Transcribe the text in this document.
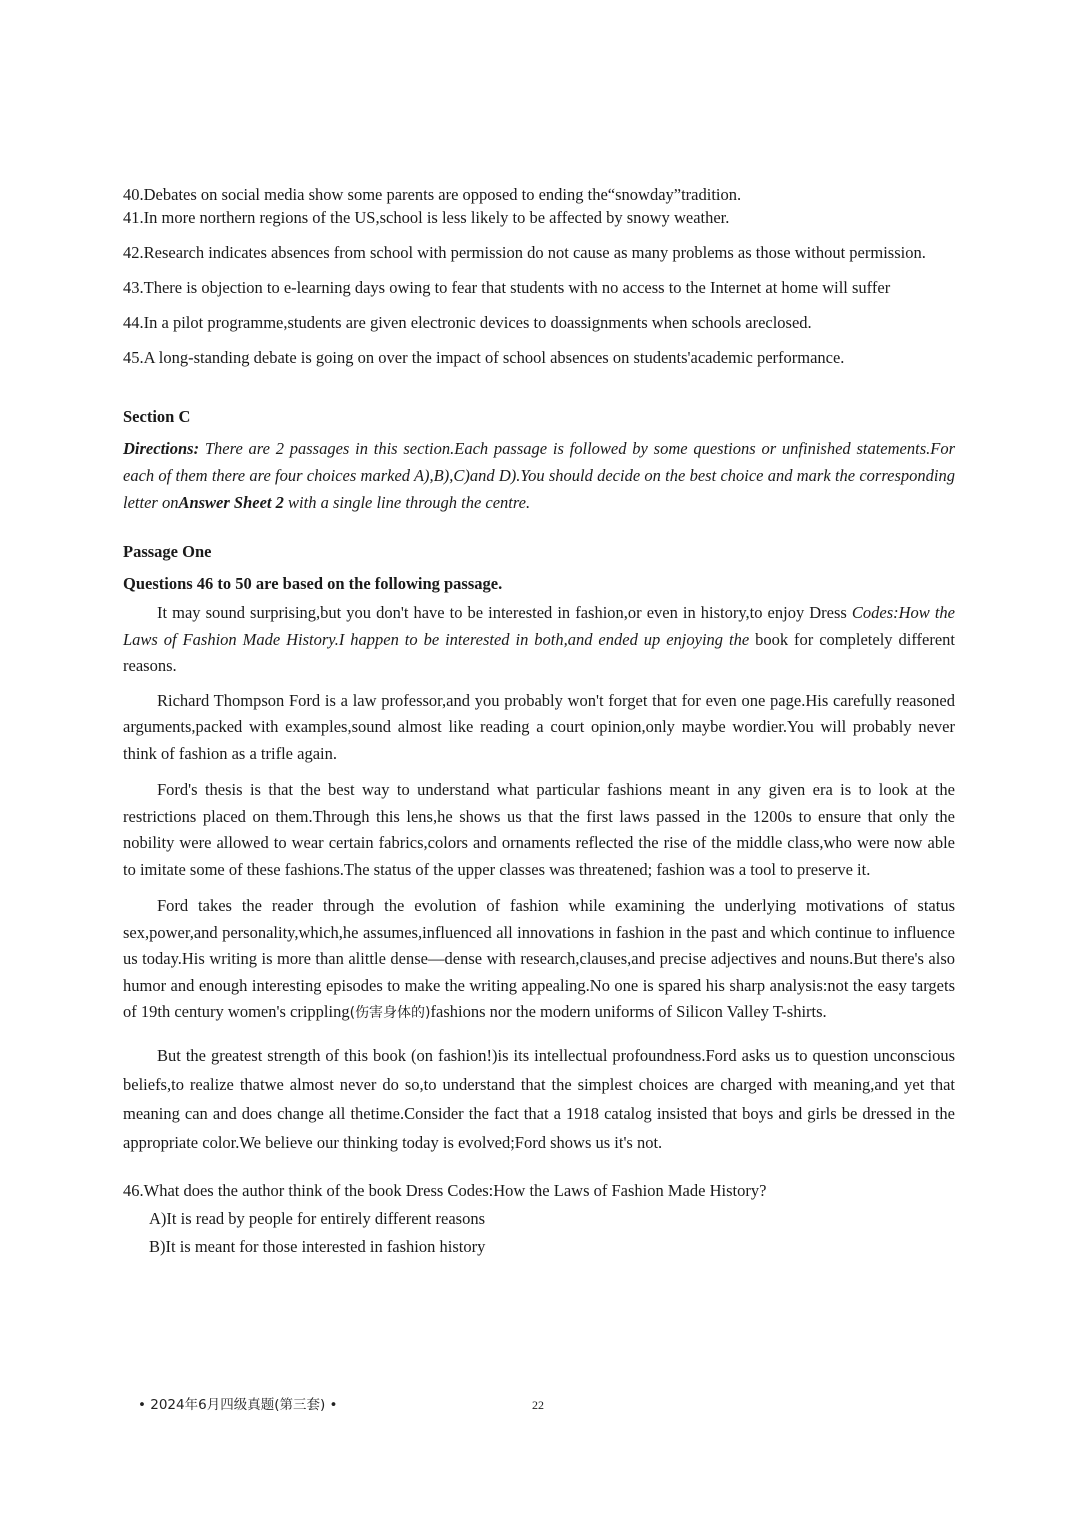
40.Debates on social media show some parents are opposed to ending the“snowday”tradition.

41.In more northern regions of the US,school is less likely to be affected by snowy weather.

42.Research indicates absences from school with permission do not cause as many problems as those without permission.

43.There is objection to e-learning days owing to fear that students with no access to the Internet at home will suffer

44.In a pilot programme,students are given electronic devices to doassignments when schools areclosed.

45.A long-standing debate is going on over the impact of school absences on students'academic performance.

Section C

Directions: There are 2 passages in this section.Each passage is followed by some questions or unfinished statements.For each of them there are four choices marked A),B),C)and D).You should decide on the best choice and mark the corresponding letter onAnswer Sheet 2 with a single line through the centre.

Passage One
Questions 46 to 50 are based on the following passage.

It may sound surprising,but you don't have to be interested in fashion,or even in history,to enjoy Dress Codes:How the Laws of Fashion Made History.I happen to be interested in both,and ended up enjoying the book for completely different reasons.

Richard Thompson Ford is a law professor,and you probably won't forget that for even one page.His carefully reasoned arguments,packed with examples,sound almost like reading a court opinion,only maybe wordier.You will probably never think of fashion as a trifle again.

Ford's thesis is that the best way to understand what particular fashions meant in any given era is to look at the restrictions placed on them.Through this lens,he shows us that the first laws passed in the 1200s to ensure that only the nobility were allowed to wear certain fabrics,colors and ornaments reflected the rise of the middle class,who were now able to imitate some of these fashions.The status of the upper classes was threatened; fashion was a tool to preserve it.

Ford takes the reader through the evolution of fashion while examining the underlying motivations of status sex,power,and personality,which,he assumes,influenced all innovations in fashion in the past and which continue to influence us today.His writing is more than alittle dense—dense with research,clauses,and precise adjectives and nouns.But there's also humor and enough interesting episodes to make the writing appealing.No one is spared his sharp analysis:not the easy targets of 19th century women's crippling(伤害身体的)fashions nor the modern uniforms of Silicon Valley T-shirts.

But the greatest strength of this book (on fashion!)is its intellectual profoundness.Ford asks us to question unconscious beliefs,to realize thatwe almost never do so,to understand that the simplest choices are charged with meaning,and yet that meaning can and does change all thetime.Consider the fact that a 1918 catalog insisted that boys and girls be dressed in the appropriate color.We believe our thinking today is evolved;Ford shows us it's not.

46.What does the author think of the book Dress Codes:How the Laws of Fashion Made History?

A)It is read by people for entirely different reasons

B)It is meant for those interested in fashion history

• 2024年6月四级真题(第三套) •	22
